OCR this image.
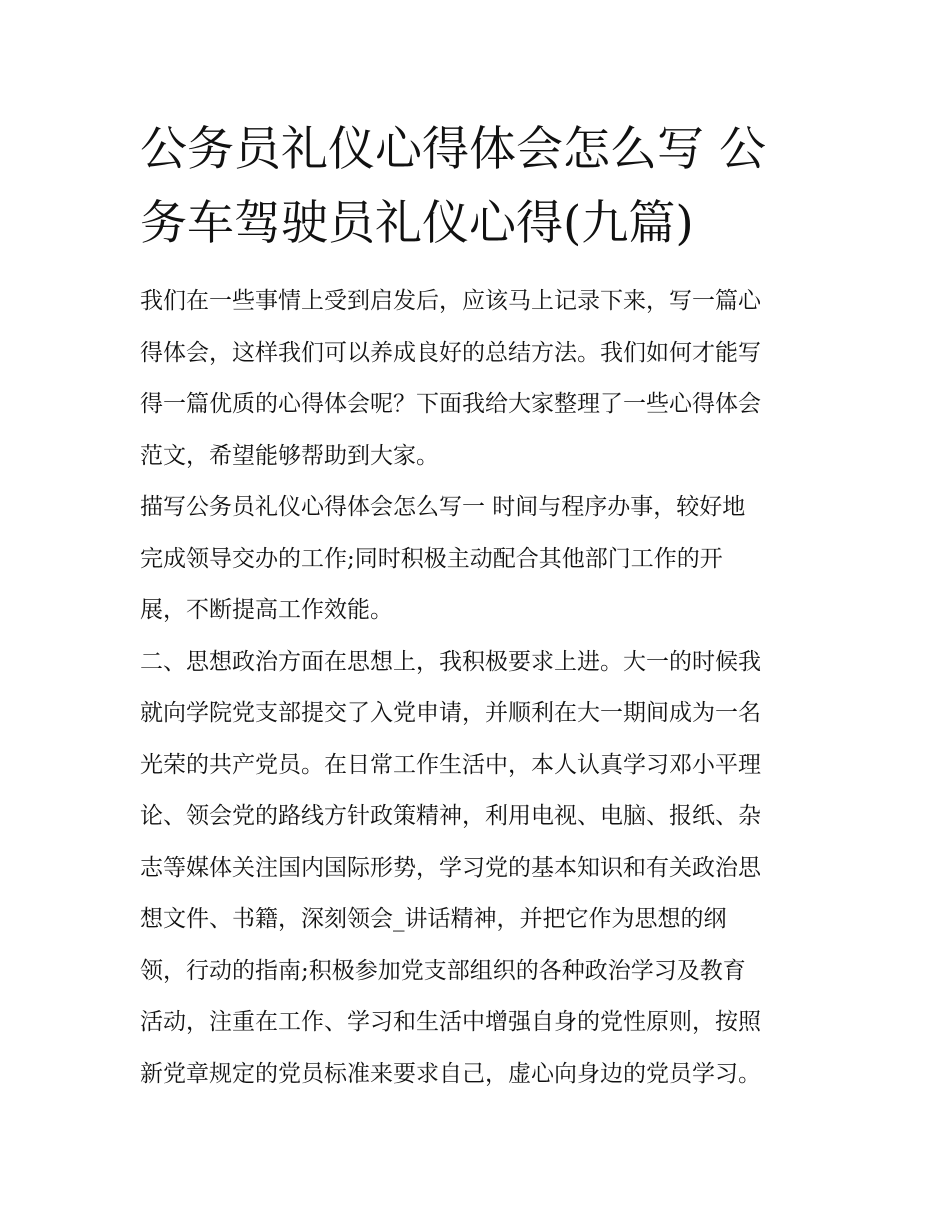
公务员礼仪心得体会怎么写 公
务车驾驶员礼仪心得(九篇)

我们在一些事情上受到启发后，应该马上记录下来，写一篇心
得体会，这样我们可以养成良好的总结方法。我们如何才能写
得一篇优质的心得体会呢？下面我给大家整理了一些心得体会
范文，希望能够帮助到大家。

描写公务员礼仪心得体会怎么写一 时间与程序办事，较好地
完成领导交办的工作;同时积极主动配合其他部门工作的开
展，不断提高工作效能。

二、思想政治方面在思想上，我积极要求上进。大一的时候我
就向学院党支部提交了入党申请，并顺利在大一期间成为一名
光荣的共产党员。在日常工作生活中，本人认真学习邓小平理
论、领会党的路线方针政策精神，利用电视、电脑、报纸、杂
志等媒体关注国内国际形势，学习党的基本知识和有关政治思
想文件、书籍，深刻领会_讲话精神，并把它作为思想的纲
领，行动的指南;积极参加党支部组织的各种政治学习及教育
活动，注重在工作、学习和生活中增强自身的党性原则，按照
新党章规定的党员标准来要求自己，虚心向身边的党员学习。
